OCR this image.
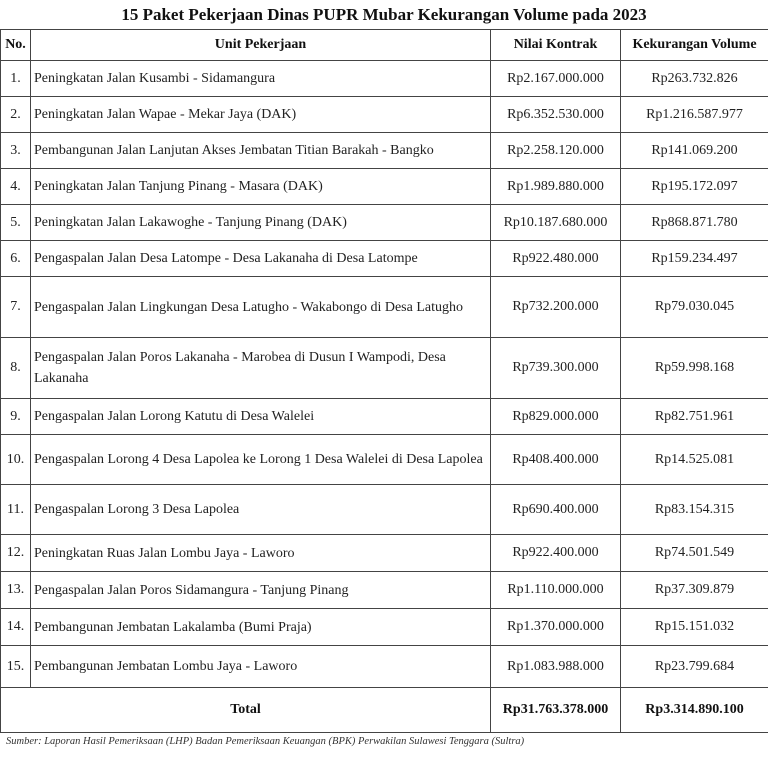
15 Paket Pekerjaan Dinas PUPR Mubar Kekurangan Volume pada 2023
No.	Unit Pekerjaan	Nilai Kontrak	Kekurangan Volume
1.	Peningkatan Jalan Kusambi - Sidamangura	Rp2.167.000.000	Rp263.732.826
2.	Peningkatan Jalan Wapae - Mekar Jaya (DAK)	Rp6.352.530.000	Rp1.216.587.977
3.	Pembangunan Jalan Lanjutan Akses Jembatan Titian Barakah - Bangko	Rp2.258.120.000	Rp141.069.200
4.	Peningkatan Jalan Tanjung Pinang - Masara (DAK)	Rp1.989.880.000	Rp195.172.097
5.	Peningkatan Jalan Lakawoghe - Tanjung Pinang (DAK)	Rp10.187.680.000	Rp868.871.780
6.	Pengaspalan Jalan Desa Latompe - Desa Lakanaha di Desa Latompe	Rp922.480.000	Rp159.234.497
7.	Pengaspalan Jalan Lingkungan Desa Latugho - Wakabongo di Desa Latugho	Rp732.200.000	Rp79.030.045
8.	Pengaspalan Jalan Poros Lakanaha - Marobea di Dusun I Wampodi, Desa Lakanaha	Rp739.300.000	Rp59.998.168
9.	Pengaspalan Jalan Lorong Katutu di Desa Walelei	Rp829.000.000	Rp82.751.961
10.	Pengaspalan Lorong 4 Desa Lapolea ke Lorong 1 Desa Walelei di Desa Lapolea	Rp408.400.000	Rp14.525.081
11.	Pengaspalan Lorong 3 Desa Lapolea	Rp690.400.000	Rp83.154.315
12.	Peningkatan Ruas Jalan Lombu Jaya - Laworo	Rp922.400.000	Rp74.501.549
13.	Pengaspalan Jalan Poros Sidamangura - Tanjung Pinang	Rp1.110.000.000	Rp37.309.879
14.	Pembangunan Jembatan Lakalamba (Bumi Praja)	Rp1.370.000.000	Rp15.151.032
15.	Pembangunan Jembatan Lombu Jaya - Laworo	Rp1.083.988.000	Rp23.799.684
Total		Rp31.763.378.000	Rp3.314.890.100
Sumber: Laporan Hasil Pemeriksaan (LHP) Badan Pemeriksaan Keuangan (BPK) Perwakilan Sulawesi Tenggara (Sultra)
